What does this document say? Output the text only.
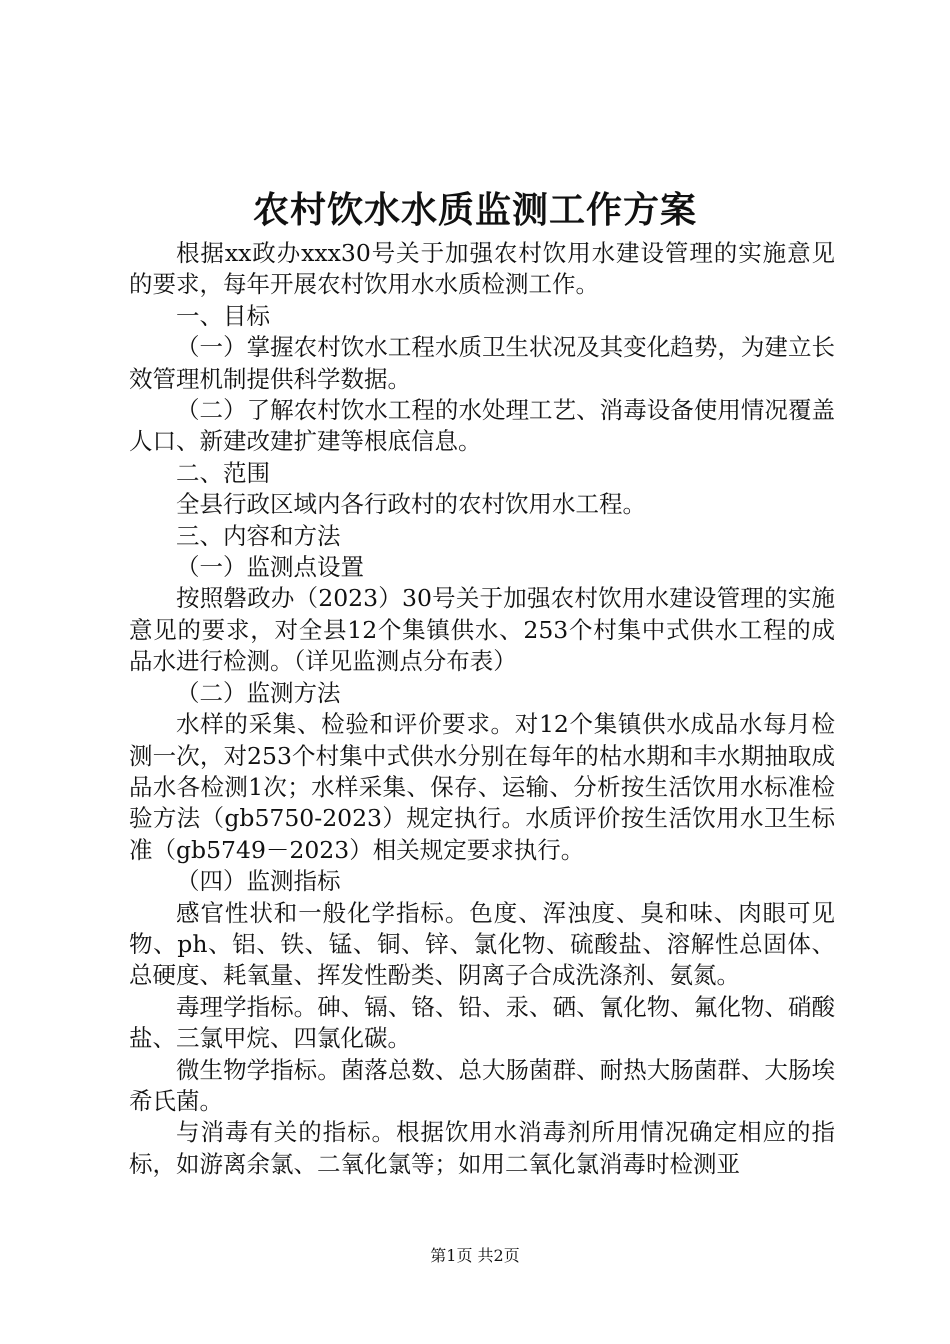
农村饮水水质监测工作方案

根据xx政办xxx30号关于加强农村饮用水建设管理的实施意见的要求，每年开展农村饮用水水质检测工作。

一、目标

（一）掌握农村饮水工程水质卫生状况及其变化趋势，为建立长效管理机制提供科学数据。

（二）了解农村饮水工程的水处理工艺、消毒设备使用情况覆盖人口、新建改建扩建等根底信息。

二、范围

全县行政区域内各行政村的农村饮用水工程。

三、内容和方法

（一）监测点设置

按照磐政办（2023）30号关于加强农村饮用水建设管理的实施意见的要求，对全县12个集镇供水、253个村集中式供水工程的成品水进行检测。（详见监测点分布表）

（二）监测方法

水样的采集、检验和评价要求。对12个集镇供水成品水每月检测一次，对253个村集中式供水分别在每年的枯水期和丰水期抽取成品水各检测1次；水样采集、保存、运输、分析按生活饮用水标准检验方法（gb5750-2023）规定执行。水质评价按生活饮用水卫生标准（gb5749－2023）相关规定要求执行。

（四）监测指标

感官性状和一般化学指标。色度、浑浊度、臭和味、肉眼可见物、ph、铝、铁、锰、铜、锌、氯化物、硫酸盐、溶解性总固体、总硬度、耗氧量、挥发性酚类、阴离子合成洗涤剂、氨氮。

毒理学指标。砷、镉、铬、铅、汞、硒、氰化物、氟化物、硝酸盐、三氯甲烷、四氯化碳。

微生物学指标。菌落总数、总大肠菌群、耐热大肠菌群、大肠埃希氏菌。

与消毒有关的指标。根据饮用水消毒剂所用情况确定相应的指标，如游离余氯、二氧化氯等；如用二氧化氯消毒时检测亚

第1页 共2页
